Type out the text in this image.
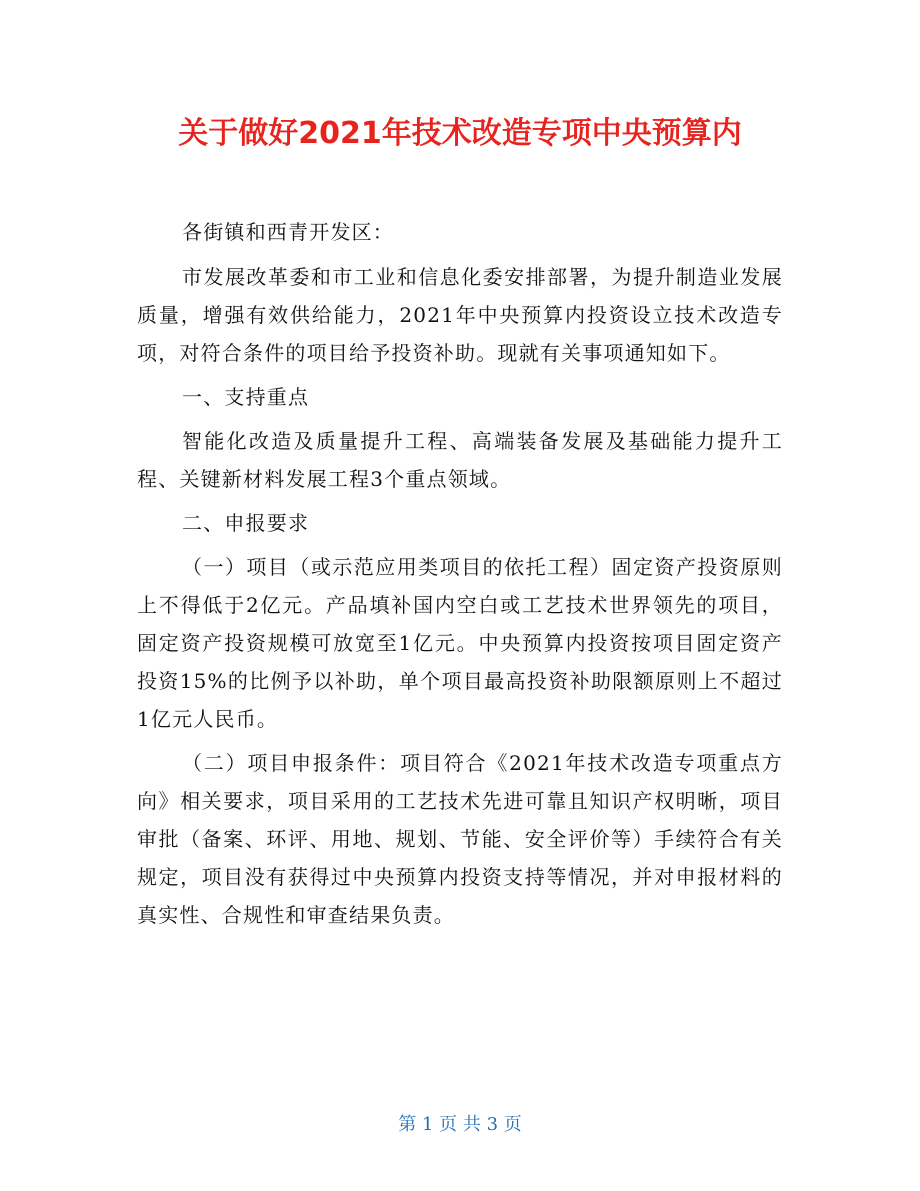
关于做好2021年技术改造专项中央预算内

各街镇和西青开发区：

市发展改革委和市工业和信息化委安排部署，为提升制造业发展质量，增强有效供给能力，2021年中央预算内投资设立技术改造专项，对符合条件的项目给予投资补助。现就有关事项通知如下。

一、支持重点

智能化改造及质量提升工程、高端装备发展及基础能力提升工程、关键新材料发展工程3个重点领域。

二、申报要求

（一）项目（或示范应用类项目的依托工程）固定资产投资原则上不得低于2亿元。产品填补国内空白或工艺技术世界领先的项目，固定资产投资规模可放宽至1亿元。中央预算内投资按项目固定资产投资15%的比例予以补助，单个项目最高投资补助限额原则上不超过1亿元人民币。

（二）项目申报条件：项目符合《2021年技术改造专项重点方向》相关要求，项目采用的工艺技术先进可靠且知识产权明晰，项目审批（备案、环评、用地、规划、节能、安全评价等）手续符合有关规定，项目没有获得过中央预算内投资支持等情况，并对申报材料的真实性、合规性和审查结果负责。

第 1 页 共 3 页
